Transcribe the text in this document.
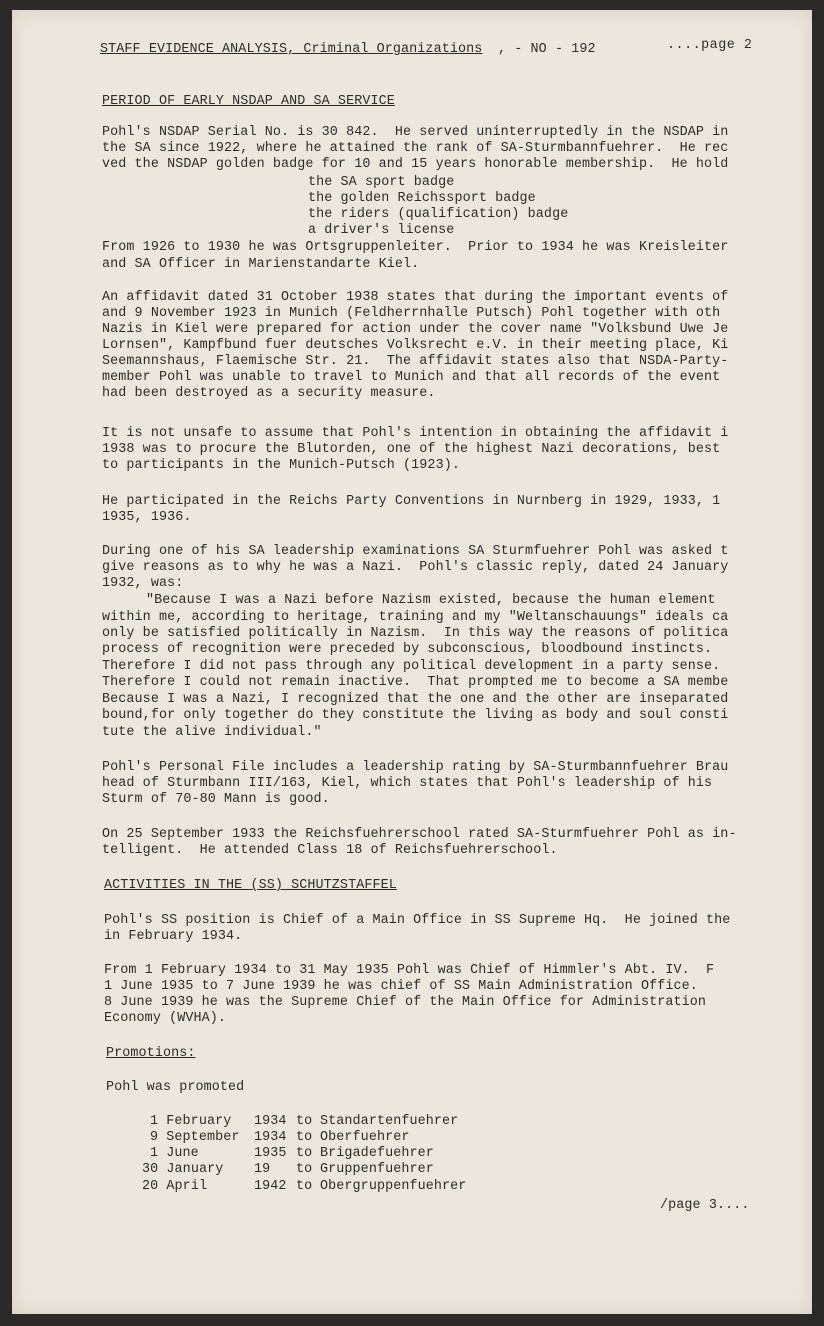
STAFF EVIDENCE ANALYSIS, Criminal Organizations , - NO - 192	....page 2
PERIOD OF EARLY NSDAP AND SA SERVICE
Pohl's NSDAP Serial No. is 30 842.  He served uninterruptedly in the NSDAP in
the SA since 1922, where he attained the rank of SA-Sturmbannfuehrer.  He rec
ved the NSDAP golden badge for 10 and 15 years honorable membership.  He hold
the SA sport badge
the golden Reichssport badge
the riders (qualification) badge
a driver's license
From 1926 to 1930 he was Ortsgruppenleiter.  Prior to 1934 he was Kreisleiter
and SA Officer in Marienstandarte Kiel.
An affidavit dated 31 October 1938 states that during the important events of
and 9 November 1923 in Munich (Feldherrnhalle Putsch) Pohl together with oth
Nazis in Kiel were prepared for action under the cover name "Volksbund Uwe Je
Lornsen", Kampfbund fuer deutsches Volksrecht e.V. in their meeting place, Ki
Seemannshaus, Flaemische Str. 21.  The affidavit states also that NSDA-Party-
member Pohl was unable to travel to Munich and that all records of the event
had been destroyed as a security measure.
It is not unsafe to assume that Pohl's intention in obtaining the affidavit i
1938 was to procure the Blutorden, one of the highest Nazi decorations, best
to participants in the Munich-Putsch (1923).
He participated in the Reichs Party Conventions in Nurnberg in 1929, 1933, 1
1935, 1936.
During one of his SA leadership examinations SA Sturmfuehrer Pohl was asked t
give reasons as to why he was a Nazi.  Pohl's classic reply, dated 24 January
1932, was:
"Because I was a Nazi before Nazism existed, because the human element
within me, according to heritage, training and my "Weltanschauungs" ideals ca
only be satisfied politically in Nazism.  In this way the reasons of politica
process of recognition were preceded by subconscious, bloodbound instincts.
Therefore I did not pass through any political development in a party sense.
Therefore I could not remain inactive.  That prompted me to become a SA membe
Because I was a Nazi, I recognized that the one and the other are inseparated
bound,for only together do they constitute the living as body and soul consti
tute the alive individual."
Pohl's Personal File includes a leadership rating by SA-Sturmbannfuehrer Brau
head of Sturmbann III/163, Kiel, which states that Pohl's leadership of his
Sturm of 70-80 Mann is good.
On 25 September 1933 the Reichsfuehrerschool rated SA-Sturmfuehrer Pohl as in-
telligent.  He attended Class 18 of Reichsfuehrerschool.
ACTIVITIES IN THE (SS) SCHUTZSTAFFEL
Pohl's SS position is Chief of a Main Office in SS Supreme Hq.  He joined the
in February 1934.
From 1 February 1934 to 31 May 1935 Pohl was Chief of Himmler's Abt. IV.  F
1 June 1935 to 7 June 1939 he was chief of SS Main Administration Office.
8 June 1939 he was the Supreme Chief of the Main Office for Administration
Economy (WVHA).
Promotions:
Pohl was promoted
1 February 1934 to Standartenfuehrer
9 September 1934 to Oberfuehrer
1 June	1935 to Brigadefuehrer
30 January 19 to Gruppenfuehrer
20 April	1942 to Obergruppenfuehrer
/page 3....
